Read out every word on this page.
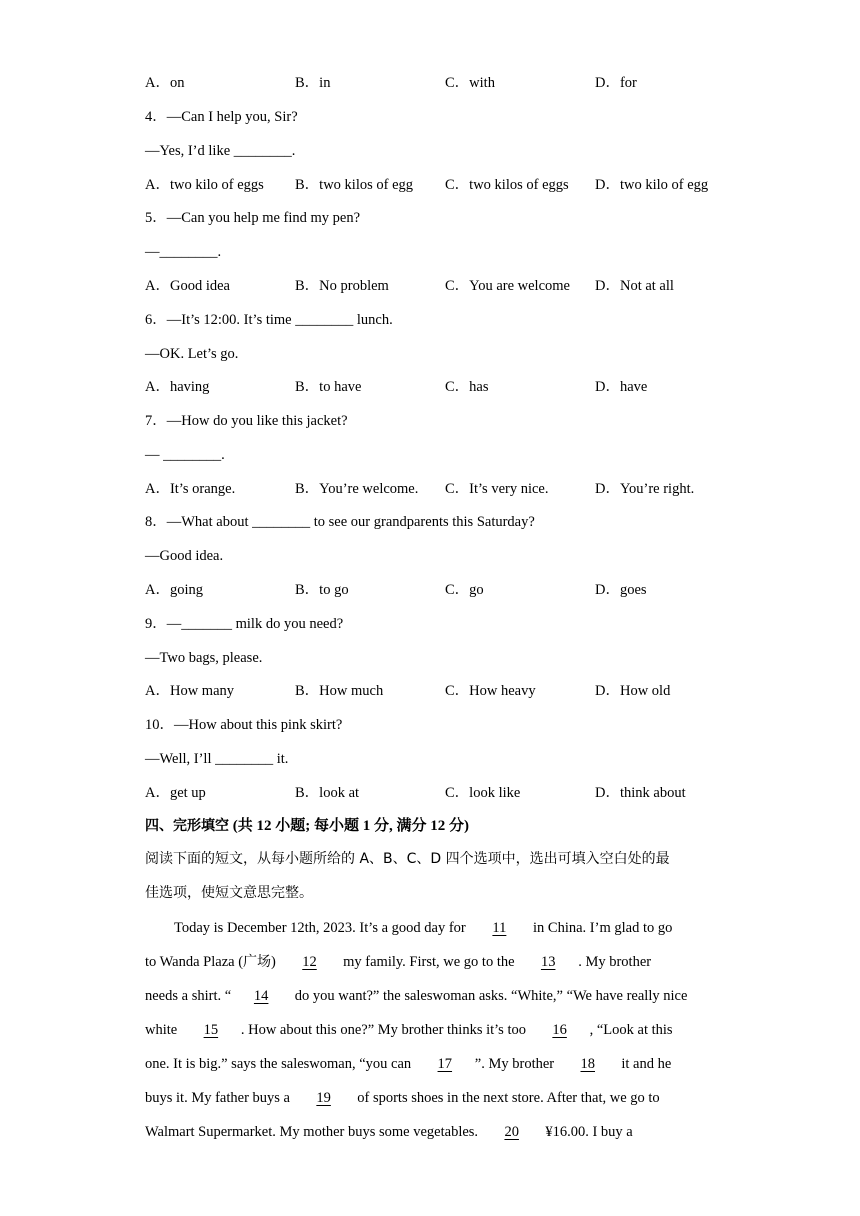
A．on	B．in	C．with	D．for
4．—Can I help you, Sir?
—Yes, I’d like ________.
A．two kilo of eggs B．two kilos of egg C．two kilos of eggs D．two kilo of egg
5．—Can you help me find my pen?
—________.
A．Good idea	B．No problem	C．You are welcome D．Not at all
6．—It’s 12:00. It’s time ________ lunch.
—OK. Let’s go.
A．having	B．to have	C．has	D．have
7．—How do you like this jacket?
— ________.
A．It’s orange.	B．You’re welcome. C．It’s very nice.	D．You’re right.
8．—What about ________ to see our grandparents this Saturday?
—Good idea.
A．going	B．to go	C．go	D．goes
9．—_______ milk do you need?
—Two bags, please.
A．How many	B．How much	C．How heavy	D．How old
10．—How about this pink skirt?
—Well, I’ll ________ it.
A．get up	B．look at	C．look like	D．think about
四、完形填空 (共 12 小题; 每小题 1 分, 满分 12 分)
阅读下面的短文，从每小题所给的 A、B、C、D 四个选项中，选出可填入空白处的最
佳选项，使短文意思完整。
Today is December 12th, 2023. It’s a good day for 11 in China. I’m glad to go
to Wanda Plaza (广场) 12 my family. First, we go to the 13 . My brother
needs a shirt. “ 14 do you want?” the saleswoman asks. “White,” “We have really nice
white 15 . How about this one?” My brother thinks it’s too 16 , “Look at this
one. It is big.” says the saleswoman, “you can 17 ”. My brother 18 it and he
buys it. My father buys a 19 of sports shoes in the next store. After that, we go to
Walmart Supermarket. My mother buys some vegetables. 20 ¥16.00. I buy a
